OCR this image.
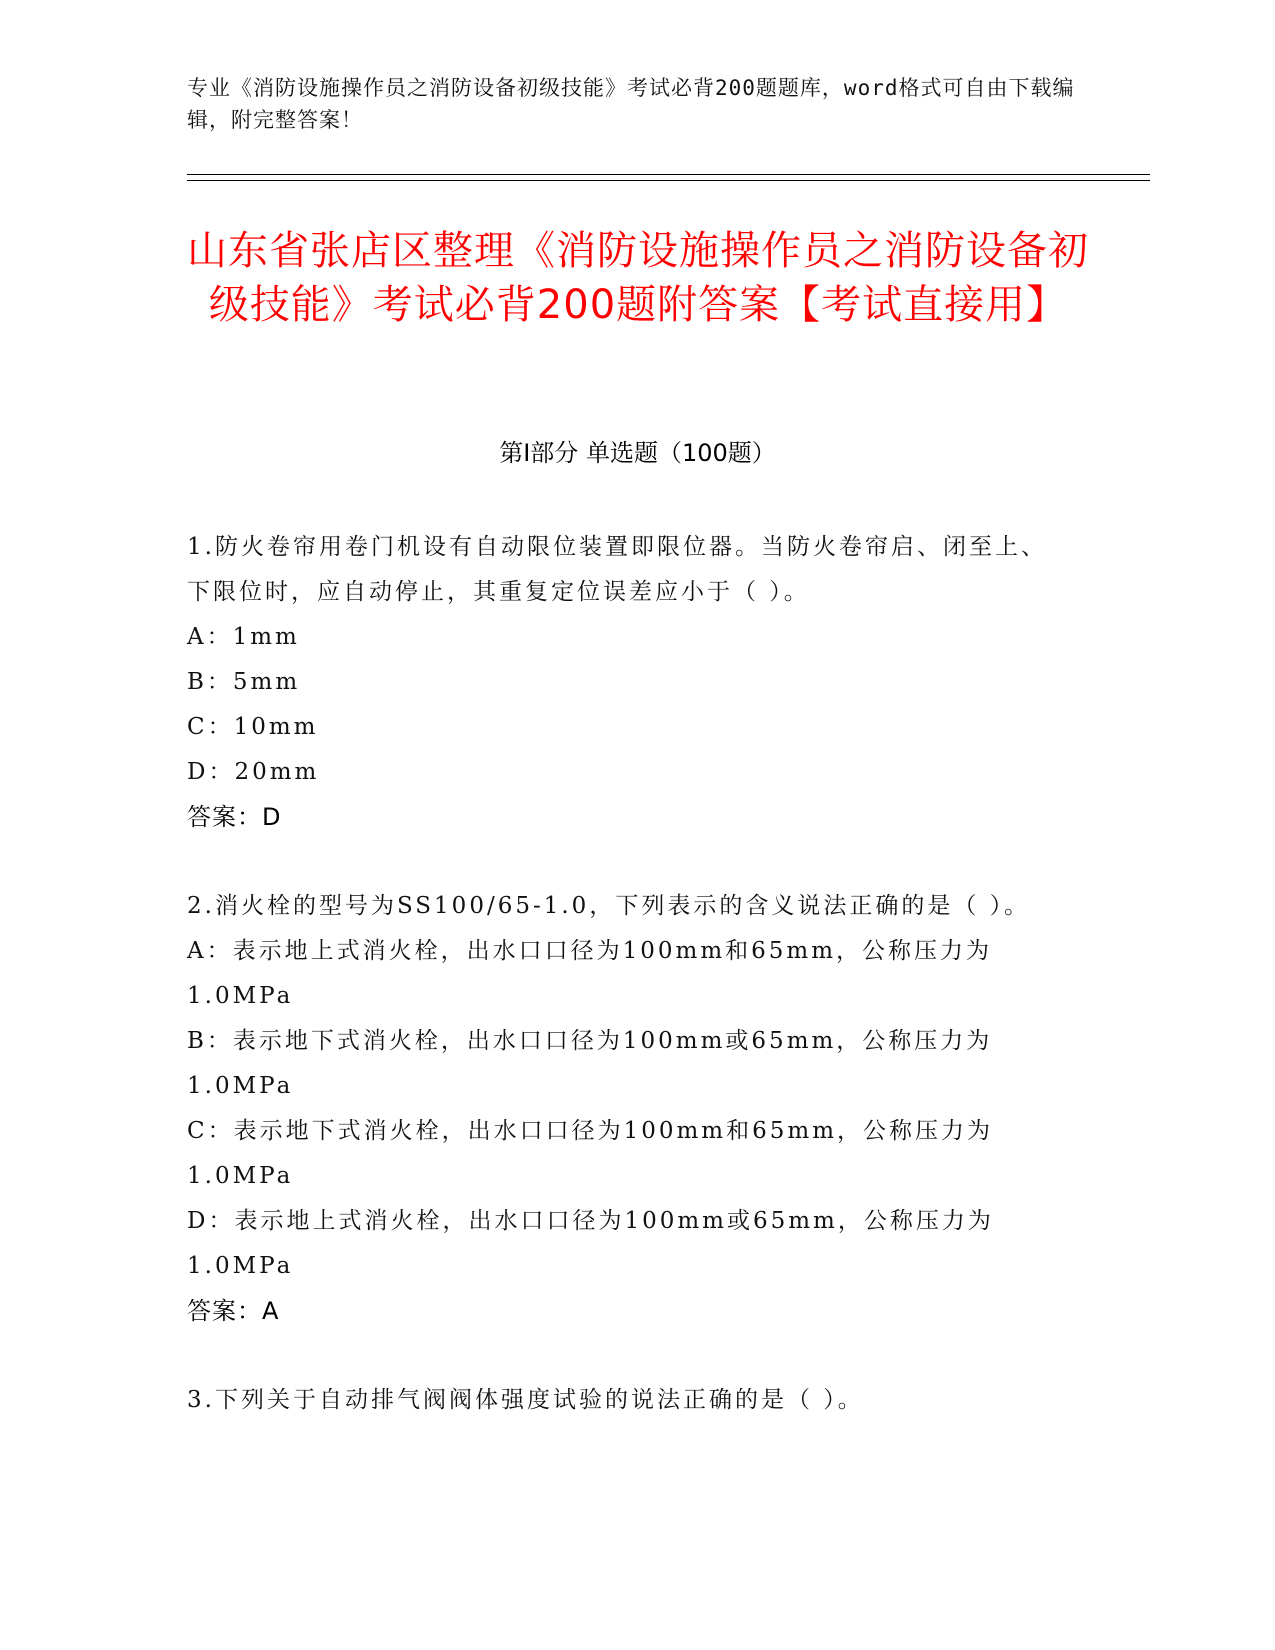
专业《消防设施操作员之消防设备初级技能》考试必背200题题库，word格式可自由下载编辑，附完整答案！
山东省张店区整理《消防设施操作员之消防设备初级技能》考试必背200题附答案【考试直接用】
第Ⅰ部分 单选题（100题）
1.防火卷帘用卷门机设有自动限位装置即限位器。当防火卷帘启、闭至上、下限位时，应自动停止，其重复定位误差应小于（ ）。
A：1mm
B：5mm
C：10mm
D：20mm
答案：D
2.消火栓的型号为SS100/65-1.0，下列表示的含义说法正确的是（ ）。
A：表示地上式消火栓，出水口口径为100mm和65mm，公称压力为1.0MPa
B：表示地下式消火栓，出水口口径为100mm或65mm，公称压力为1.0MPa
C：表示地下式消火栓，出水口口径为100mm和65mm，公称压力为1.0MPa
D：表示地上式消火栓，出水口口径为100mm或65mm，公称压力为1.0MPa
答案：A
3.下列关于自动排气阀阀体强度试验的说法正确的是（ ）。
